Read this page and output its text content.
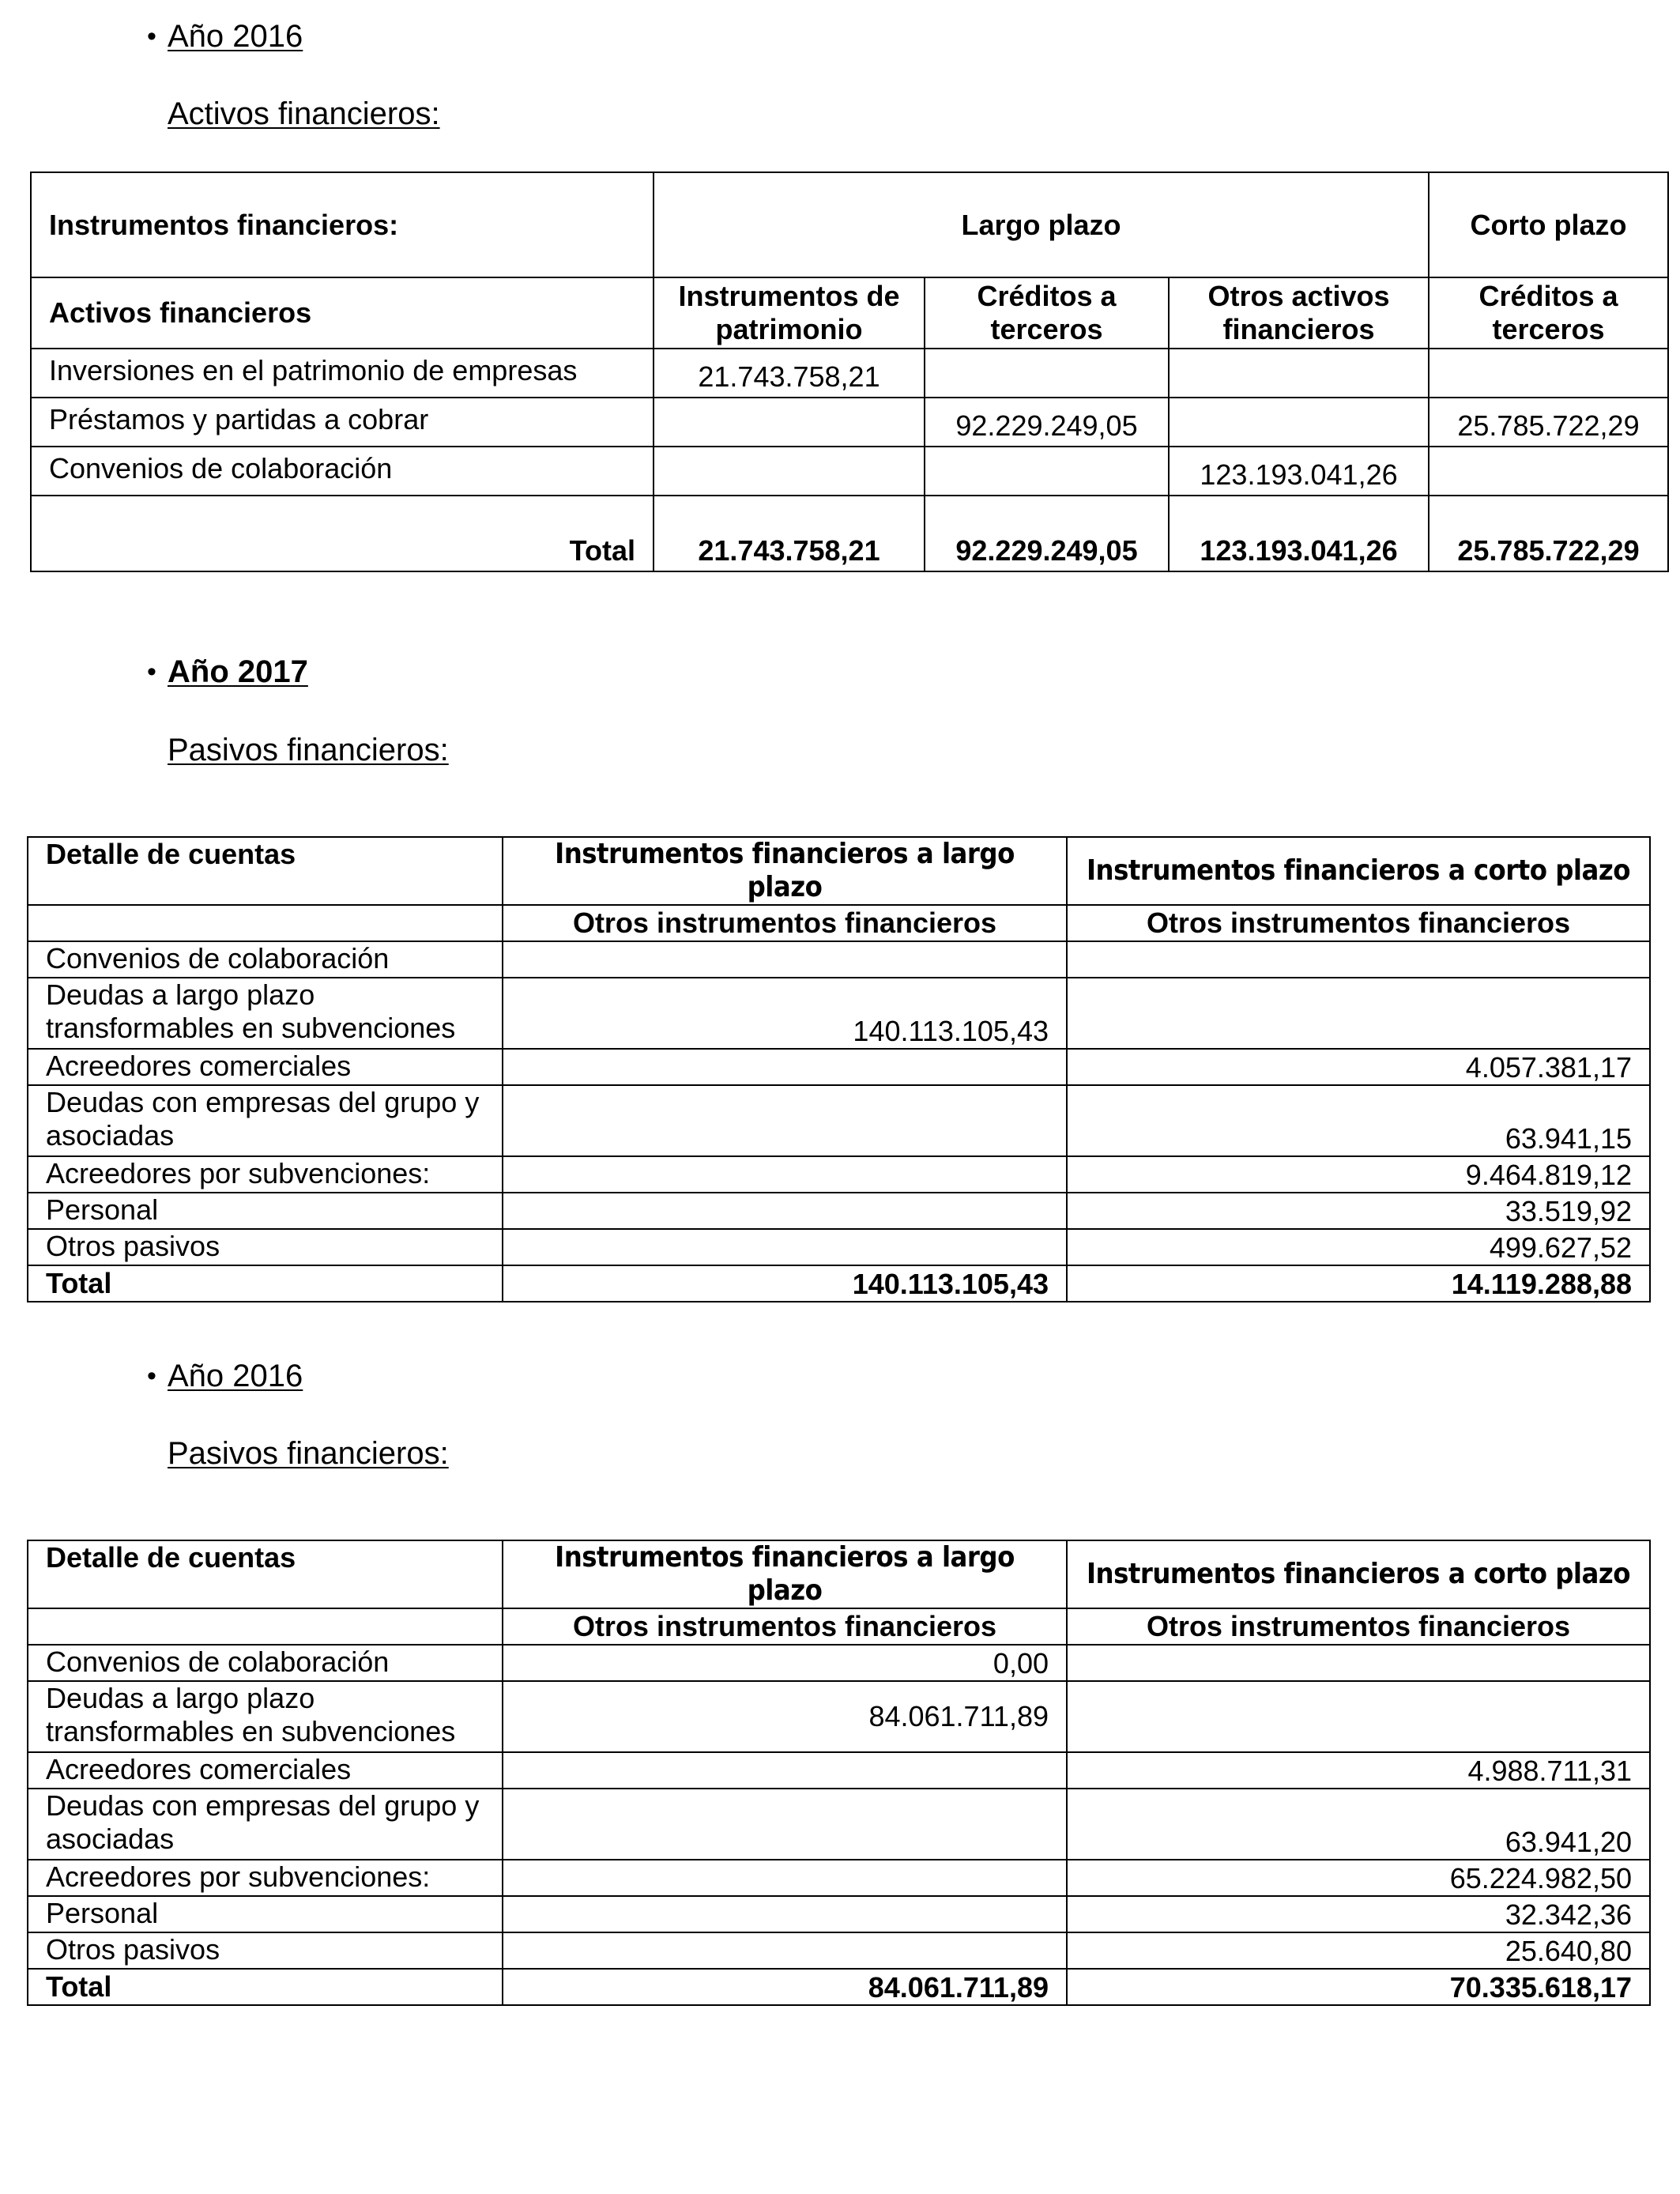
• Año 2016
Activos financieros:
Instrumentos financieros:	Largo plazo			Corto plazo
Activos financieros	Instrumentos de patrimonio	Créditos a terceros	Otros activos financieros	Créditos a terceros
Inversiones en el patrimonio de empresas	21.743.758,21			
Préstamos y partidas a cobrar		92.229.249,05		25.785.722,29
Convenios de colaboración			123.193.041,26	
Total	21.743.758,21	92.229.249,05	123.193.041,26	25.785.722,29
• Año 2017
Pasivos financieros:
Detalle de cuentas	Instrumentos financieros a largo plazo	Instrumentos financieros a corto plazo
	Otros instrumentos financieros	Otros instrumentos financieros
Convenios de colaboración		
Deudas a largo plazo transformables en subvenciones	140.113.105,43	
Acreedores comerciales		4.057.381,17
Deudas con empresas del grupo y asociadas		63.941,15
Acreedores por subvenciones:		9.464.819,12
Personal		33.519,92
Otros pasivos		499.627,52
Total	140.113.105,43	14.119.288,88
• Año 2016
Pasivos financieros:
Detalle de cuentas	Instrumentos financieros a largo plazo	Instrumentos financieros a corto plazo
	Otros instrumentos financieros	Otros instrumentos financieros
Convenios de colaboración	0,00	
Deudas a largo plazo transformables en subvenciones	84.061.711,89	
Acreedores comerciales		4.988.711,31
Deudas con empresas del grupo y asociadas		63.941,20
Acreedores por subvenciones:		65.224.982,50
Personal		32.342,36
Otros pasivos		25.640,80
Total	84.061.711,89	70.335.618,17
